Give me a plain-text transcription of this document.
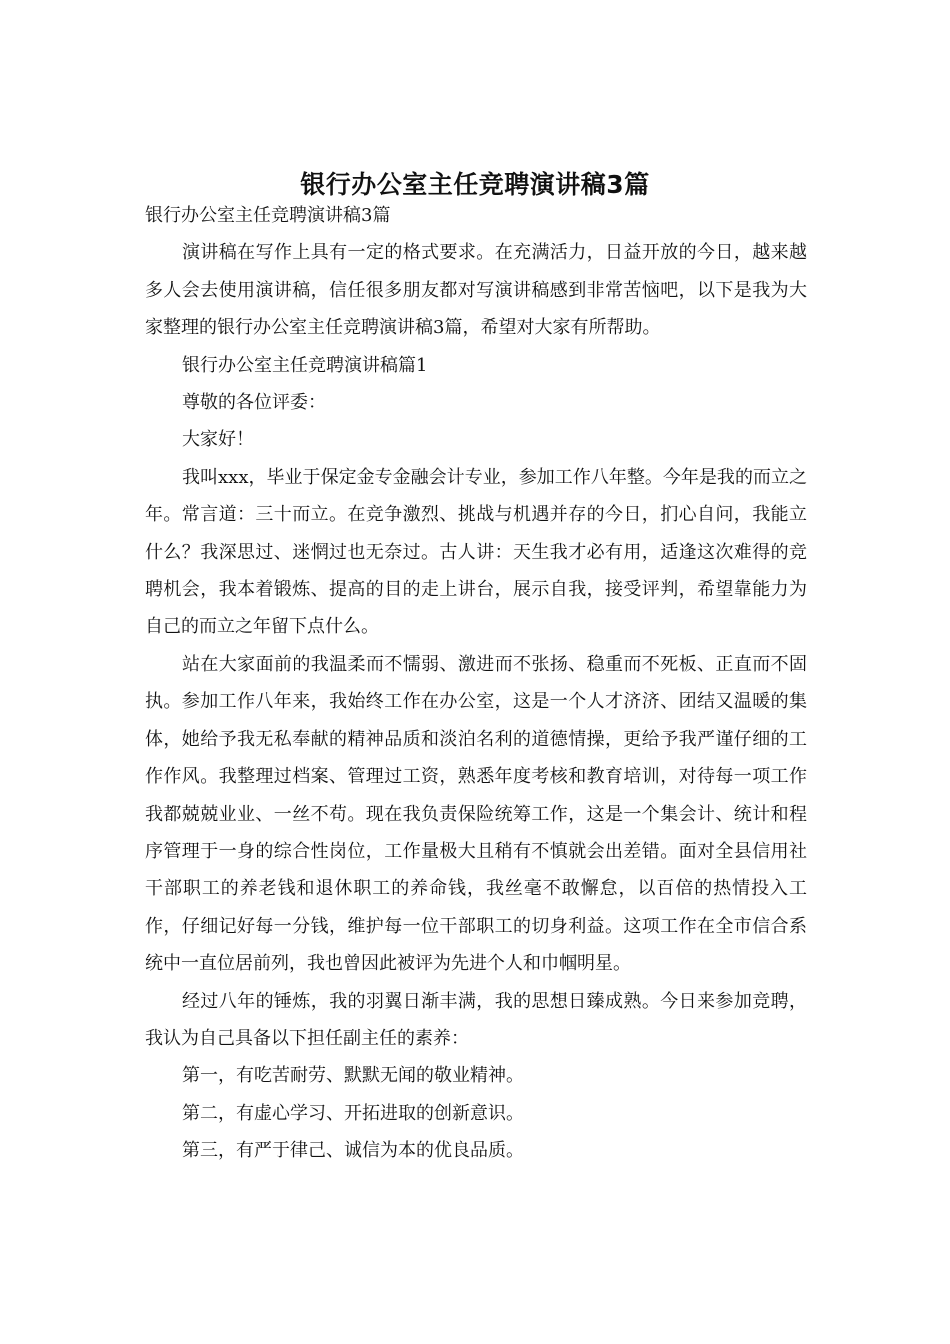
银行办公室主任竞聘演讲稿3篇

银行办公室主任竞聘演讲稿3篇

演讲稿在写作上具有一定的格式要求。在充满活力，日益开放的今日，越来越多人会去使用演讲稿，信任很多朋友都对写演讲稿感到非常苦恼吧，以下是我为大家整理的银行办公室主任竞聘演讲稿3篇，希望对大家有所帮助。

银行办公室主任竞聘演讲稿篇1

尊敬的各位评委：

大家好！

我叫xxx，毕业于保定金专金融会计专业，参加工作八年整。今年是我的而立之年。常言道：三十而立。在竞争激烈、挑战与机遇并存的今日，扪心自问，我能立什么？我深思过、迷惘过也无奈过。古人讲：天生我才必有用，适逢这次难得的竞聘机会，我本着锻炼、提高的目的走上讲台，展示自我，接受评判，希望靠能力为自己的而立之年留下点什么。

站在大家面前的我温柔而不懦弱、激进而不张扬、稳重而不死板、正直而不固执。参加工作八年来，我始终工作在办公室，这是一个人才济济、团结又温暖的集体，她给予我无私奉献的精神品质和淡泊名利的道德情操，更给予我严谨仔细的工作作风。我整理过档案、管理过工资，熟悉年度考核和教育培训，对待每一项工作我都兢兢业业、一丝不苟。现在我负责保险统筹工作，这是一个集会计、统计和程序管理于一身的综合性岗位，工作量极大且稍有不慎就会出差错。面对全县信用社干部职工的养老钱和退休职工的养命钱，我丝毫不敢懈怠，以百倍的热情投入工作，仔细记好每一分钱，维护每一位干部职工的切身利益。这项工作在全市信合系统中一直位居前列，我也曾因此被评为先进个人和巾帼明星。

经过八年的锤炼，我的羽翼日渐丰满，我的思想日臻成熟。今日来参加竞聘，我认为自己具备以下担任副主任的素养：

第一，有吃苦耐劳、默默无闻的敬业精神。

第二，有虚心学习、开拓进取的创新意识。

第三，有严于律己、诚信为本的优良品质。
